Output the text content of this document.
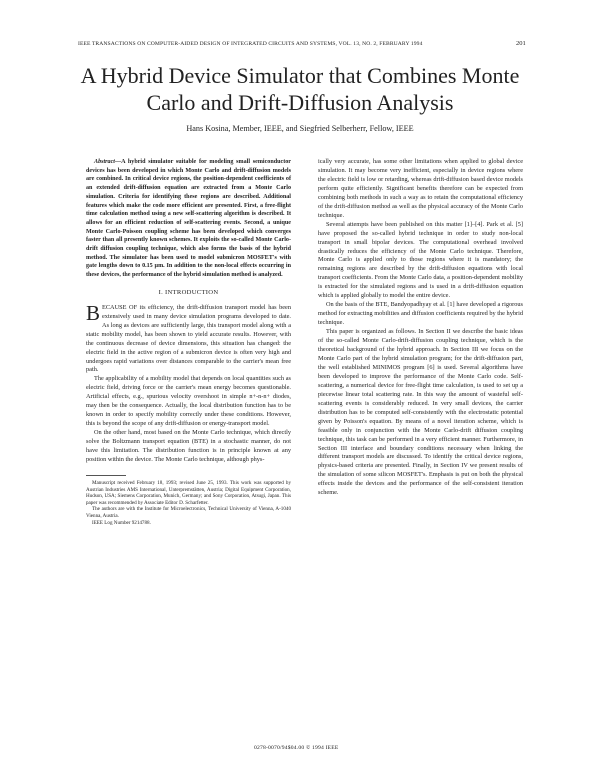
IEEE TRANSACTIONS ON COMPUTER-AIDED DESIGN OF INTEGRATED CIRCUITS AND SYSTEMS, VOL. 13, NO. 2, FEBRUARY 1994	201
A Hybrid Device Simulator that Combines Monte Carlo and Drift-Diffusion Analysis
Hans Kosina, Member, IEEE, and Siegfried Selberherr, Fellow, IEEE

Abstract—A hybrid simulator suitable for modeling small semiconductor devices has been developed in which Monte Carlo and drift-diffusion models are combined. In critical device regions, the position-dependent coefficients of an extended drift-diffusion equation are extracted from a Monte Carlo simulation. Criteria for identifying these regions are described. Additional features which make the code more efficient are presented. First, a free-flight time calculation method using a new self-scattering algorithm is described. It allows for an efficient reduction of self-scattering events. Second, a unique Monte Carlo-Poisson coupling scheme has been developed which converges faster than all presently known schemes. It exploits the so-called Monte Carlo-drift diffusion coupling technique, which also forms the basis of the hybrid method. The simulator has been used to model submicron MOSFET's with gate lengths down to 0.15 µm. In addition to the non-local effects occurring in these devices, the performance of the hybrid simulation method is analyzed.

I. INTRODUCTION

BECAUSE OF its efficiency, the drift-diffusion transport model has been extensively used in many device simulation programs developed to date. As long as devices are sufficiently large, this transport model along with a static mobility model, has been shown to yield accurate results. However, with the continuous decrease of device dimensions, this situation has changed: the electric field in the active region of a submicron device is often very high and undergoes rapid variations over distances comparable to the carrier's mean free path.

The applicability of a mobility model that depends on local quantities such as electric field, driving force or the carrier's mean energy becomes questionable. Artificial effects, e.g., spurious velocity overshoot in simple n+-n-n+ diodes, may then be the consequence. Actually, the local distribution function has to be known in order to specify mobility correctly under these conditions. However, this is beyond the scope of any drift-diffusion or energy-transport model.

On the other hand, most based on the Monte Carlo technique, which directly solve the Boltzmann transport equation (BTE) in a stochastic manner, do not have this limitation. The distribution function is in principle known at any position within the device. The Monte Carlo technique, although phys-

Manuscript received February 18, 1993; revised June 25, 1993. This work was supported by Austrian Industries AMS International, Unterpremstätten, Austria; Digital Equipment Corporation, Hudson, USA; Siemens Corporation, Munich, Germany; and Sony Corporation, Atsugi, Japan. This paper was recommended by Associate Editor D. Scharfetter.

The authors are with the Institute for Microelectronics, Technical University of Vienna, A-1040 Vienna, Austria.

IEEE Log Number 9214788.

ically very accurate, has some other limitations when applied to global device simulation. It may become very inefficient, especially in device regions where the electric field is low or retarding, whereas drift-diffusion based device models perform quite efficiently. Significant benefits therefore can be expected from combining both methods in such a way as to retain the computational efficiency of the drift-diffusion method as well as the physical accuracy of the Monte Carlo technique.

Several attempts have been published on this matter [1]–[4]. Park et al. [5] have proposed the so-called hybrid technique in order to study non-local transport in small bipolar devices. The computational overhead involved drastically reduces the efficiency of the Monte Carlo technique. Therefore, Monte Carlo is applied only to those regions where it is mandatory; the remaining regions are described by the drift-diffusion equations with local transport coefficients. From the Monte Carlo data, a position-dependent mobility is extracted for the simulated regions and is used in a drift-diffusion equation which is applied globally to model the entire device.

On the basis of the BTE, Bandyopadhyay et al. [1] have developed a rigorous method for extracting mobilities and diffusion coefficients required by the hybrid technique.

This paper is organized as follows. In Section II we describe the basic ideas of the so-called Monte Carlo-drift-diffusion coupling technique, which is the theoretical background of the hybrid approach. In Section III we focus on the Monte Carlo part of the hybrid simulation program; for the drift-diffusion part, the well established MINIMOS program [6] is used. Several algorithms have been developed to improve the performance of the Monte Carlo code. Self-scattering, a numerical device for free-flight time calculation, is used to set up a piecewise linear total scattering rate. In this way the amount of wasteful self-scattering events is considerably reduced. In very small devices, the carrier distribution has to be computed self-consistently with the electrostatic potential given by Poisson's equation. By means of a novel iteration scheme, which is feasible only in conjunction with the Monte Carlo-drift diffusion coupling technique, this task can be performed in a very efficient manner. Furthermore, in Section III interface and boundary conditions necessary when linking the different transport models are discussed. To identify the critical device regions, physics-based criteria are presented. Finally, in Section IV we present results of the simulation of some silicon MOSFET's. Emphasis is put on both the physical effects inside the devices and the performance of the self-consistent iteration scheme.

0278-0070/94$04.00 © 1994 IEEE
